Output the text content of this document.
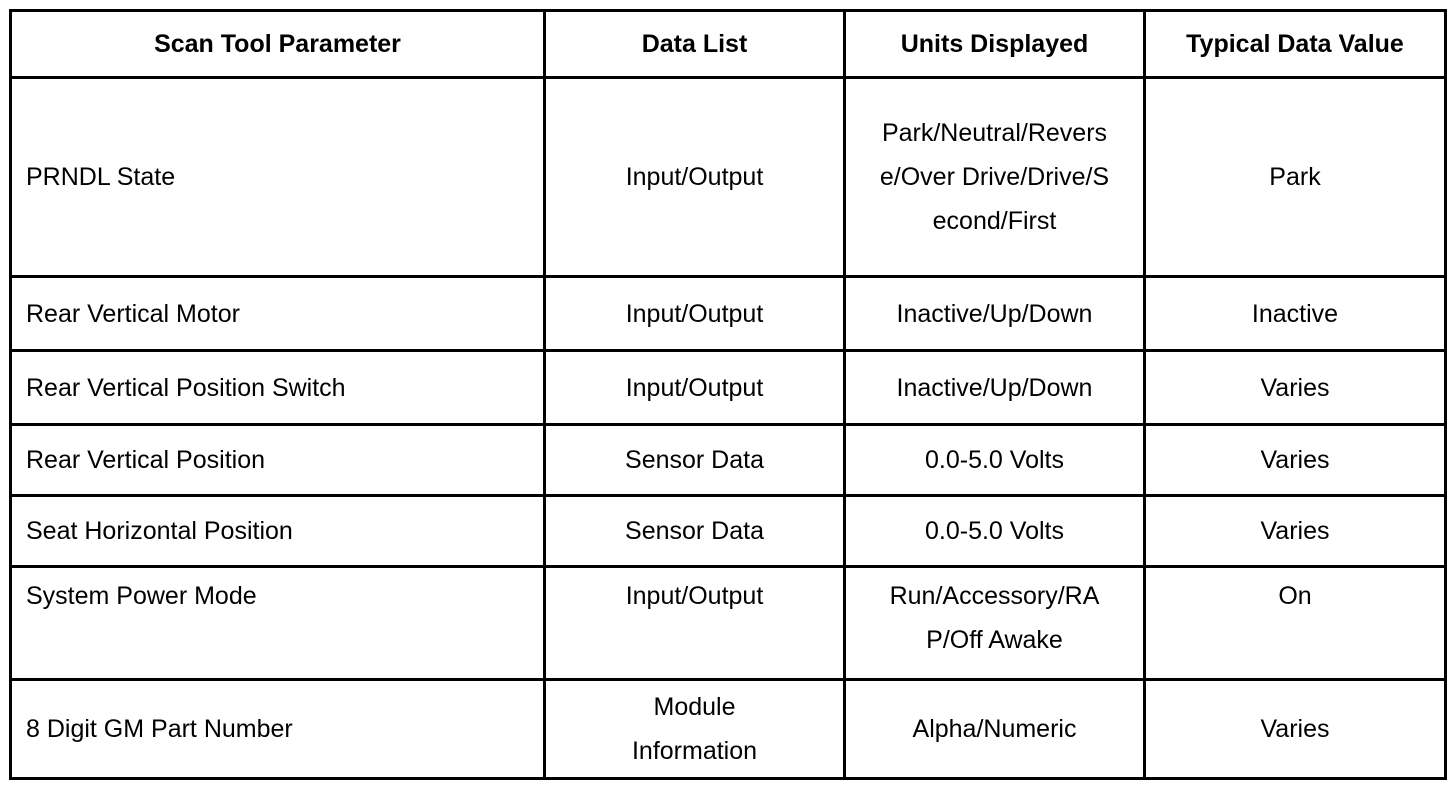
Scan Tool Parameter	Data List	Units Displayed	Typical Data Value
PRNDL State	Input/Output	Park/Neutral/Reverse/Over Drive/Drive/Second/First	Park
Rear Vertical Motor	Input/Output	Inactive/Up/Down	Inactive
Rear Vertical Position Switch	Input/Output	Inactive/Up/Down	Varies
Rear Vertical Position	Sensor Data	0.0-5.0 Volts	Varies
Seat Horizontal Position	Sensor Data	0.0-5.0 Volts	Varies
System Power Mode	Input/Output	Run/Accessory/RAP/Off Awake	On
8 Digit GM Part Number	Module Information	Alpha/Numeric	Varies
